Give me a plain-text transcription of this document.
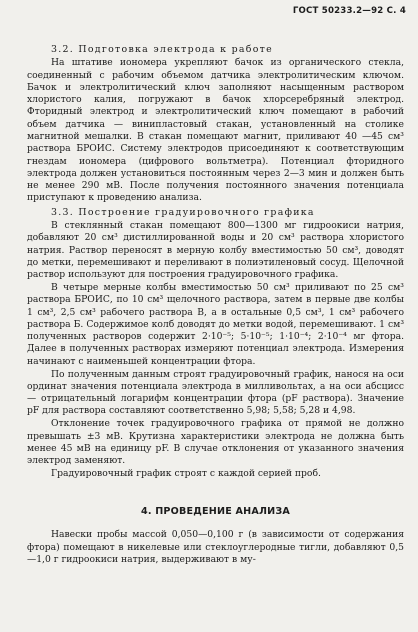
ГОСТ 50233.2—92 С. 4
3.2. Подготовка электрода к работе

На штативе иономера укрепляют бачок из органического стекла, соединенный с рабочим объемом датчика электролитическим ключом. Бачок и электролитический ключ заполняют насыщенным раствором хлористого калия, погружают в бачок хлорсеребряный электрод. Фторидный электрод и электролитический ключ помещают в рабочий объем датчика — винипластовый стакан, установленный на столике магнитной мешалки. В стакан помещают магнит, приливают 40 —45 см³ раствора БРОИС. Систему электродов присоединяют к соответствующим гнездам иономера (цифрового вольтметра). Потенциал фторидного электрода должен установиться постоянным через 2—3 мин и должен быть не менее 290 мВ. После получения постоянного значения потенциала приступают к проведению анализа.

3.3. Построение градуировочного графика

В стеклянный стакан помещают 800—1300 мг гидроокиси натрия, добавляют 20 см³ дистиллированной воды и 20 см³ раствора хлористого натрия. Раствор переносят в мерную колбу вместимостью 50 см³, доводят до метки, перемешивают и переливают в полиэтиленовый сосуд. Щелочной раствор используют для построения градуировочного графика.

В четыре мерные колбы вместимостью 50 см³ приливают по 25 см³ раствора БРОИС, по 10 см³ щелочного раствора, затем в первые две колбы 1 см³, 2,5 см³ рабочего раствора В, а в остальные 0,5 см³, 1 см³ рабочего раствора Б. Содержимое колб доводят до метки водой, перемешивают. 1 см³ полученных растворов содержит 2·10⁻⁵; 5·10⁻⁵; 1·10⁻⁴; 2·10⁻⁴ мг фтора. Далее в полученных растворах измеряют потенциал электрода. Измерения начинают с наименьшей концентрации фтора.

По полученным данным строят градуировочный график, нанося на оси ординат значения потенциала электрода в милливольтах, а на оси абсцисс — отрицательный логарифм концентрации фтора (pF раствора). Значение pF для раствора составляют соответственно 5,98; 5,58; 5,28 и 4,98.

Отклонение точек градуировочного графика от прямой не должно превышать ±3 мВ. Крутизна характеристики электрода не должна быть менее 45 мВ на единицу pF. В случае отклонения от указанного значения электрод заменяют.

Градуировочный график строят с каждой серией проб.

4. ПРОВЕДЕНИЕ АНАЛИЗА

Навески пробы массой 0,050—0,100 г (в зависимости от содержания фтора) помещают в никелевые или стеклоуглеродные тигли, добавляют 0,5—1,0 г гидроокиси натрия, выдерживают в му-
